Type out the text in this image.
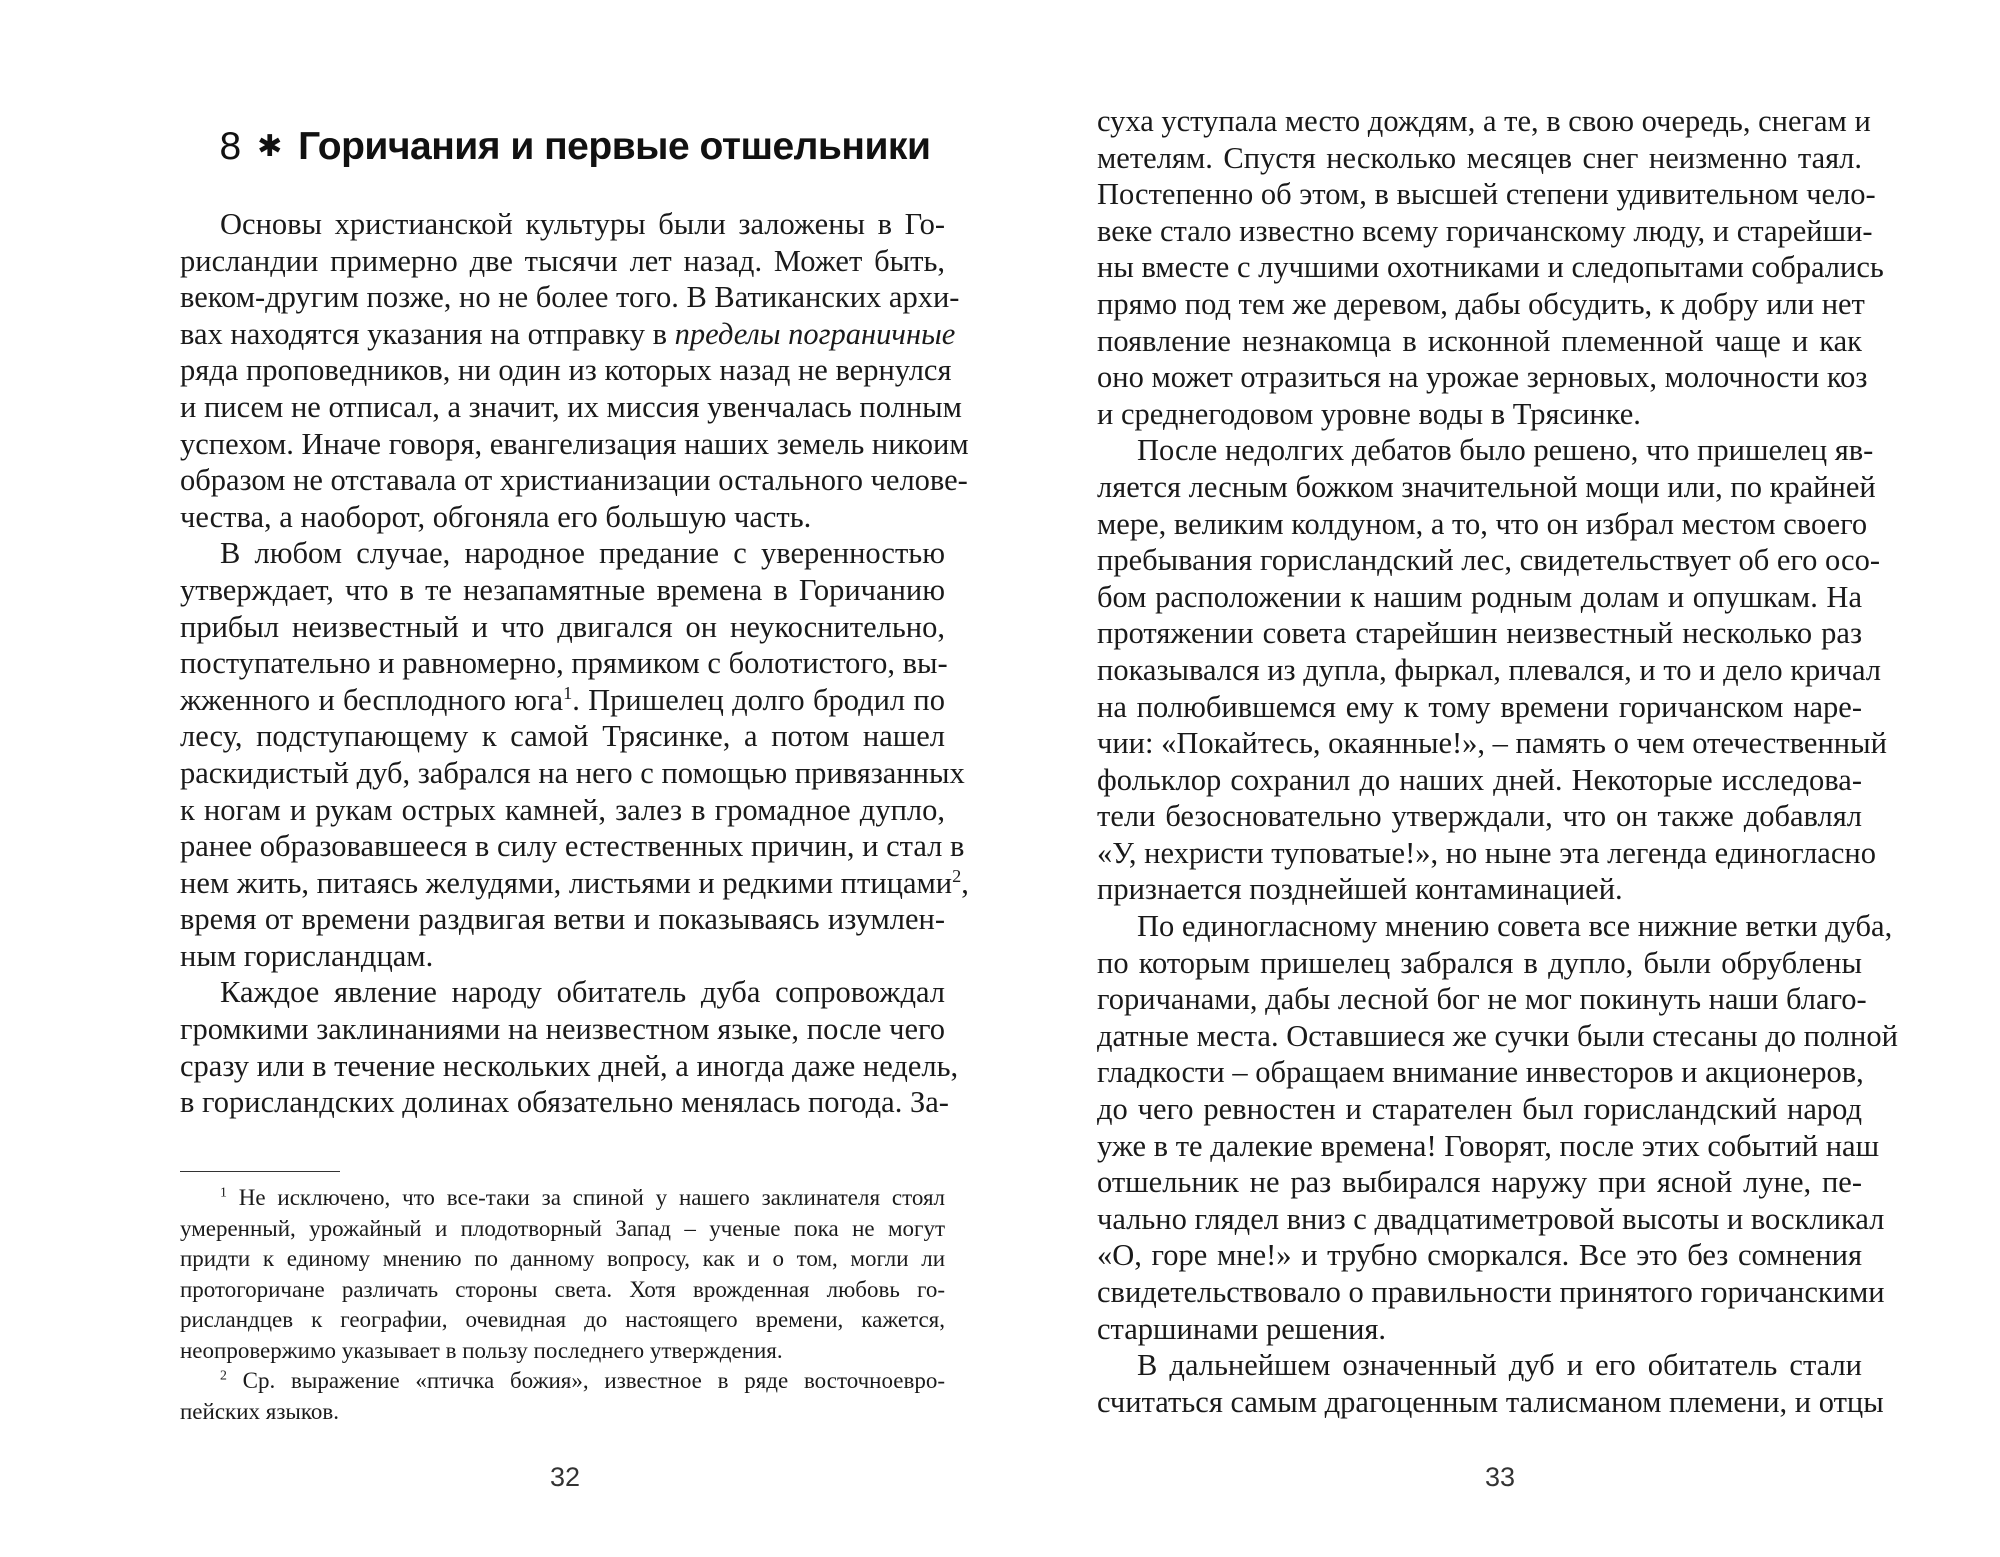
8 ✱ Горичания и первые отшельники
Основы христианской культуры были заложены в Го-
рисландии примерно две тысячи лет назад. Может быть,
веком-другим позже, но не более того. В Ватиканских архи-
вах находятся указания на отправку в пределы пограничные
ряда проповедников, ни один из которых назад не вернулся
и писем не отписал, а значит, их миссия увенчалась полным
успехом. Иначе говоря, евангелизация наших земель никоим
образом не отставала от христианизации остального челове-
чества, а наоборот, обгоняла его большую часть.
В любом случае, народное предание с уверенностью
утверждает, что в те незапамятные времена в Горичанию
прибыл неизвестный и что двигался он неукоснительно,
поступательно и равномерно, прямиком с болотистого, вы-
жженного и бесплодного юга$^1$. Пришелец долго бродил по
лесу, подступающему к самой Трясинке, а потом нашел
раскидистый дуб, забрался на него с помощью привязанных
к ногам и рукам острых камней, залез в громадное дупло,
ранее образовавшееся в силу естественных причин, и стал в
нем жить, питаясь желудями, листьями и редкими птицами$^2$,
время от времени раздвигая ветви и показываясь изумлен-
ным горисландцам.
Каждое явление народу обитатель дуба сопровождал
громкими заклинаниями на неизвестном языке, после чего
сразу или в течение нескольких дней, а иногда даже недель,
в горисландских долинах обязательно менялась погода. За-
$^1$ Не исключено, что все-таки за спиной у нашего заклинателя стоял
умеренный, урожайный и плодотворный Запад – ученые пока не могут
придти к единому мнению по данному вопросу, как и о том, могли ли
протогоричане различать стороны света. Хотя врожденная любовь го-
рисландцев к географии, очевидная до настоящего времени, кажется,
неопровержимо указывает в пользу последнего утверждения.
$^2$ Ср. выражение «птичка божия», известное в ряде восточноевро-
пейских языков.
32
суха уступала место дождям, а те, в свою очередь, снегам и
метелям. Спустя несколько месяцев снег неизменно таял.
Постепенно об этом, в высшей степени удивительном чело-
веке стало известно всему горичанскому люду, и старейши-
ны вместе с лучшими охотниками и следопытами собрались
прямо под тем же деревом, дабы обсудить, к добру или нет
появление незнакомца в исконной племенной чаще и как
оно может отразиться на урожае зерновых, молочности коз
и среднегодовом уровне воды в Трясинке.
После недолгих дебатов было решено, что пришелец яв-
ляется лесным божком значительной мощи или, по крайней
мере, великим колдуном, а то, что он избрал местом своего
пребывания горисландский лес, свидетельствует об его осо-
бом расположении к нашим родным долам и опушкам. На
протяжении совета старейшин неизвестный несколько раз
показывался из дупла, фыркал, плевался, и то и дело кричал
на полюбившемся ему к тому времени горичанском наре-
чии: «Покайтесь, окаянные!», – память о чем отечественный
фольклор сохранил до наших дней. Некоторые исследова-
тели безосновательно утверждали, что он также добавлял
«У, нехристи туповатые!», но ныне эта легенда единогласно
признается позднейшей контаминацией.
По единогласному мнению совета все нижние ветки дуба,
по которым пришелец забрался в дупло, были обрублены
горичанами, дабы лесной бог не мог покинуть наши благо-
датные места. Оставшиеся же сучки были стесаны до полной
гладкости – обращаем внимание инвесторов и акционеров,
до чего ревностен и старателен был горисландский народ
уже в те далекие времена! Говорят, после этих событий наш
отшельник не раз выбирался наружу при ясной луне, пе-
чально глядел вниз с двадцатиметровой высоты и воскликал
«О, горе мне!» и трубно сморкался. Все это без сомнения
свидетельствовало о правильности принятого горичанскими
старшинами решения.
В дальнейшем означенный дуб и его обитатель стали
считаться самым драгоценным талисманом племени, и отцы
33
